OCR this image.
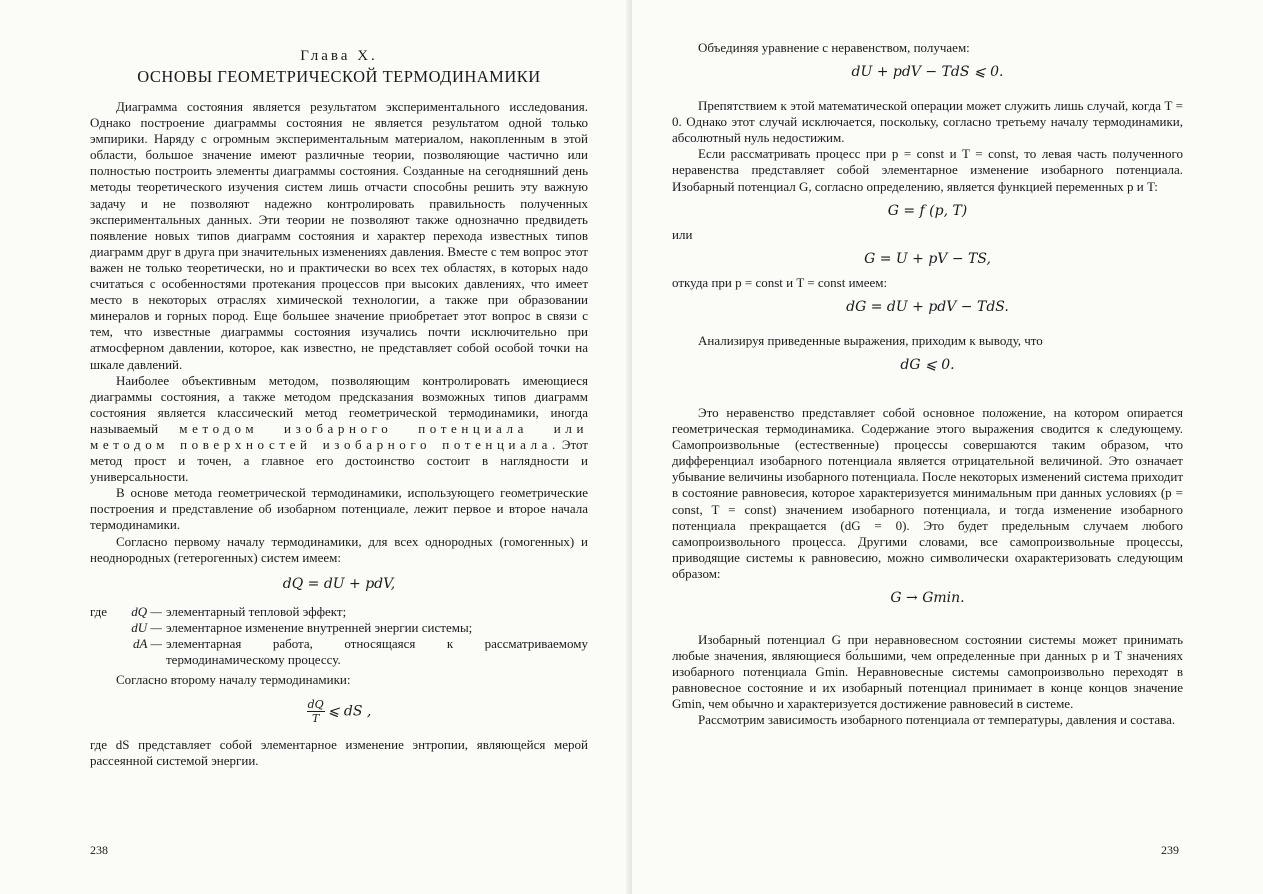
Глава X.
ОСНОВЫ ГЕОМЕТРИЧЕСКОЙ ТЕРМОДИНАМИКИ

Диаграмма состояния является результатом экспериментального исследования. Однако построение диаграммы состояния не является результатом одной только эмпирики. Наряду с огромным экспериментальным материалом, накопленным в этой области, большое значение имеют различные теории, позволяющие частично или полностью построить элементы диаграммы состояния. Созданные на сегодняшний день методы теоретического изучения систем лишь отчасти способны решить эту важную задачу и не позволяют надежно контролировать правильность полученных экспериментальных данных. Эти теории не позволяют также однозначно предвидеть появление новых типов диаграмм состояния и характер перехода известных типов диаграмм друг в друга при значительных изменениях давления. Вместе с тем вопрос этот важен не только теоретически, но и практически во всех тех областях, в которых надо считаться с особенностями протекания процессов при высоких давлениях, что имеет место в некоторых отраслях химической технологии, а также при образовании минералов и горных пород. Еще большее значение приобретает этот вопрос в связи с тем, что известные диаграммы состояния изучались почти исключительно при атмосферном давлении, которое, как известно, не представляет собой особой точки на шкале давлений.

Наиболее объективным методом, позволяющим контролировать имеющиеся диаграммы состояния, а также методом предсказания возможных типов диаграмм состояния является классический метод геометрической термодинамики, иногда называемый методом изобарного потенциала или методом поверхностей изобарного потенциала. Этот метод прост и точен, а главное его достоинство состоит в наглядности и универсальности.

В основе метода геометрической термодинамики, использующего геометрические построения и представление об изобарном потенциале, лежит первое и второе начала термодинамики.

Согласно первому началу термодинамики, для всех однородных (гомогенных) и неоднородных (гетерогенных) систем имеем:

dQ = dU + pdV,
где	dQ — элементарный тепловой эффект;
dU — элементарное изменение внутренней энергии системы;
dA — элементарная работа, относящаяся к рассматриваемому термодинамическому процессу.

Согласно второму началу термодинамики:

$\frac{dQ}{T}$ ⩽ dS ,

где dS представляет собой элементарное изменение энтропии, являющейся мерой рассеянной системой энергии.

238

Объединяя уравнение с неравенством, получаем:

dU + pdV − TdS ⩽ 0.

Препятствием к этой математической операции может служить лишь случай, когда T = 0. Однако этот случай исключается, поскольку, согласно третьему началу термодинамики, абсолютный нуль недостижим.

Если рассматривать процесс при p = const и T = const, то левая часть полученного неравенства представляет собой элементарное изменение изобарного потенциала. Изобарный потенциал G, согласно определению, является функцией переменных p и T:

G = f (p, T)
или
G = U + pV − TS,

откуда при p = const и T = const имеем:

dG = dU + pdV − TdS.

Анализируя приведенные выражения, приходим к выводу, что

dG ⩽ 0.

Это неравенство представляет собой основное положение, на котором опирается геометрическая термодинамика. Содержание этого выражения сводится к следующему. Самопроизвольные (естественные) процессы совершаются таким образом, что дифференциал изобарного потенциала является отрицательной величиной. Это означает убывание величины изобарного потенциала. После некоторых изменений система приходит в состояние равновесия, которое характеризуется минимальным при данных условиях (p = const, T = const) значением изобарного потенциала, и тогда изменение изобарного потенциала прекращается (dG = 0). Это будет предельным случаем любого самопроизвольного процесса. Другими словами, все самопроизвольные процессы, приводящие системы к равновесию, можно символически охарактеризовать следующим образом:

G → Gmin.

Изобарный потенциал G при неравновесном состоянии системы может принимать любые значения, являющиеся бо́льшими, чем определенные при данных p и T значениях изобарного потенциала Gmin. Неравновесные системы самопроизвольно переходят в равновесное состояние и их изобарный потенциал принимает в конце концов значение Gmin, чем обычно и характеризуется достижение равновесий в системе.

Рассмотрим зависимость изобарного потенциала от температуры, давления и состава.

239
